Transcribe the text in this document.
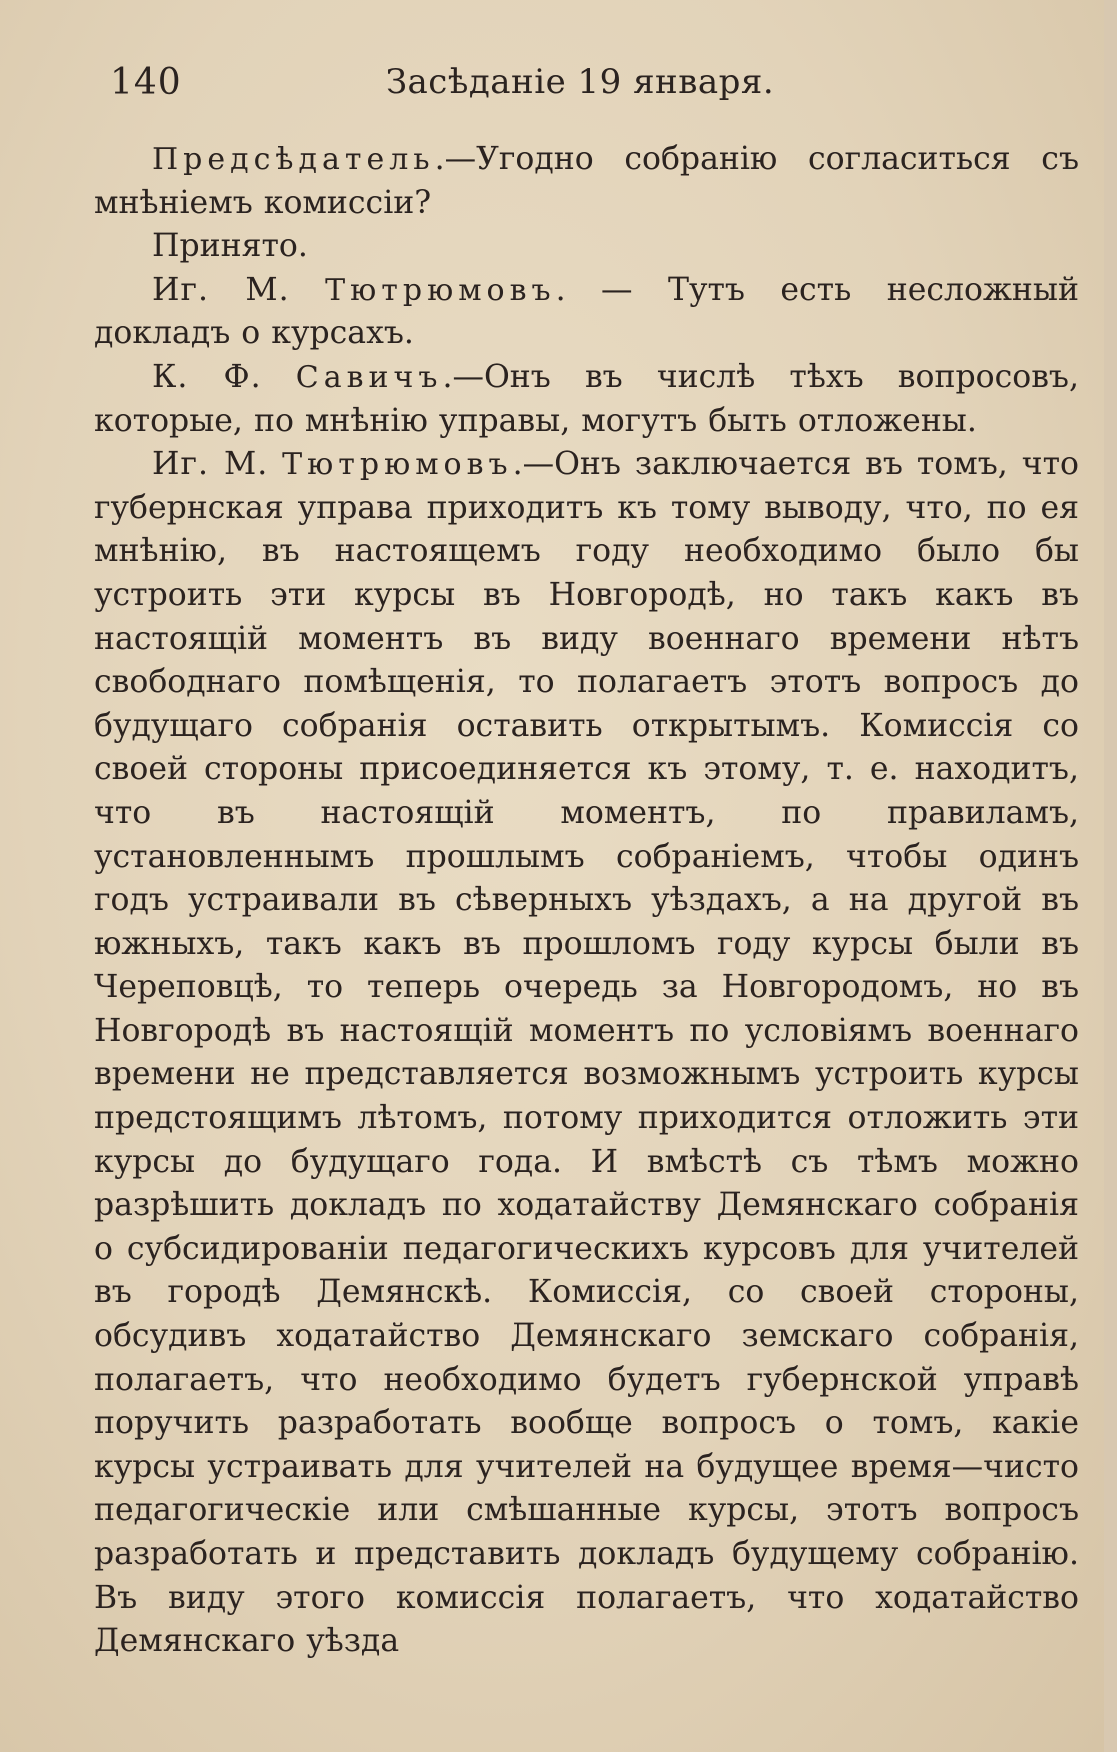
140	Засѣданіе 19 января.

Предсѣдатель.—Угодно собранію согласиться съ мнѣніемъ комиссіи?

Принято.

Иг. М. Тютрюмовъ. — Тутъ есть несложный докладъ о курсахъ.

К. Ф. Савичъ.—Онъ въ числѣ тѣхъ вопросовъ, которые, по мнѣнію управы, могутъ быть отложены.

Иг. М. Тютрюмовъ.—Онъ заключается въ томъ, что губернская управа приходитъ къ тому выводу, что, по ея мнѣнію, въ настоящемъ году необходимо было бы устроить эти курсы въ Новгородѣ, но такъ какъ въ настоящій моментъ въ виду военнаго времени нѣтъ свободнаго помѣщенія, то полагаетъ этотъ вопросъ до будущаго собранія оставить открытымъ. Комиссія со своей стороны присоединяется къ этому, т. е. находитъ, что въ настоящій моментъ, по правиламъ, установленнымъ прошлымъ собраніемъ, чтобы одинъ годъ устраивали въ сѣверныхъ уѣздахъ, а на другой въ южныхъ, такъ какъ въ прошломъ году курсы были въ Череповцѣ, то теперь очередь за Новгородомъ, но въ Новгородѣ въ настоящій моментъ по условіямъ военнаго времени не представляется возможнымъ устроить курсы предстоящимъ лѣтомъ, потому приходится отложить эти курсы до будущаго года. И вмѣстѣ съ тѣмъ можно разрѣшить докладъ по ходатайству Демянскаго собранія о субсидированіи педагогическихъ курсовъ для учителей въ городѣ Демянскѣ. Комиссія, со своей стороны, обсудивъ ходатайство Демянскаго земскаго собранія, полагаетъ, что необходимо будетъ губернской управѣ поручить разработать вообще вопросъ о томъ, какіе курсы устраивать для учителей на будущее время—чисто педагогическіе или смѣшанные курсы, этотъ вопросъ разработать и представить докладъ будущему собранію. Въ виду этого комиссія полагаетъ, что ходатайство Демянскаго уѣзда
